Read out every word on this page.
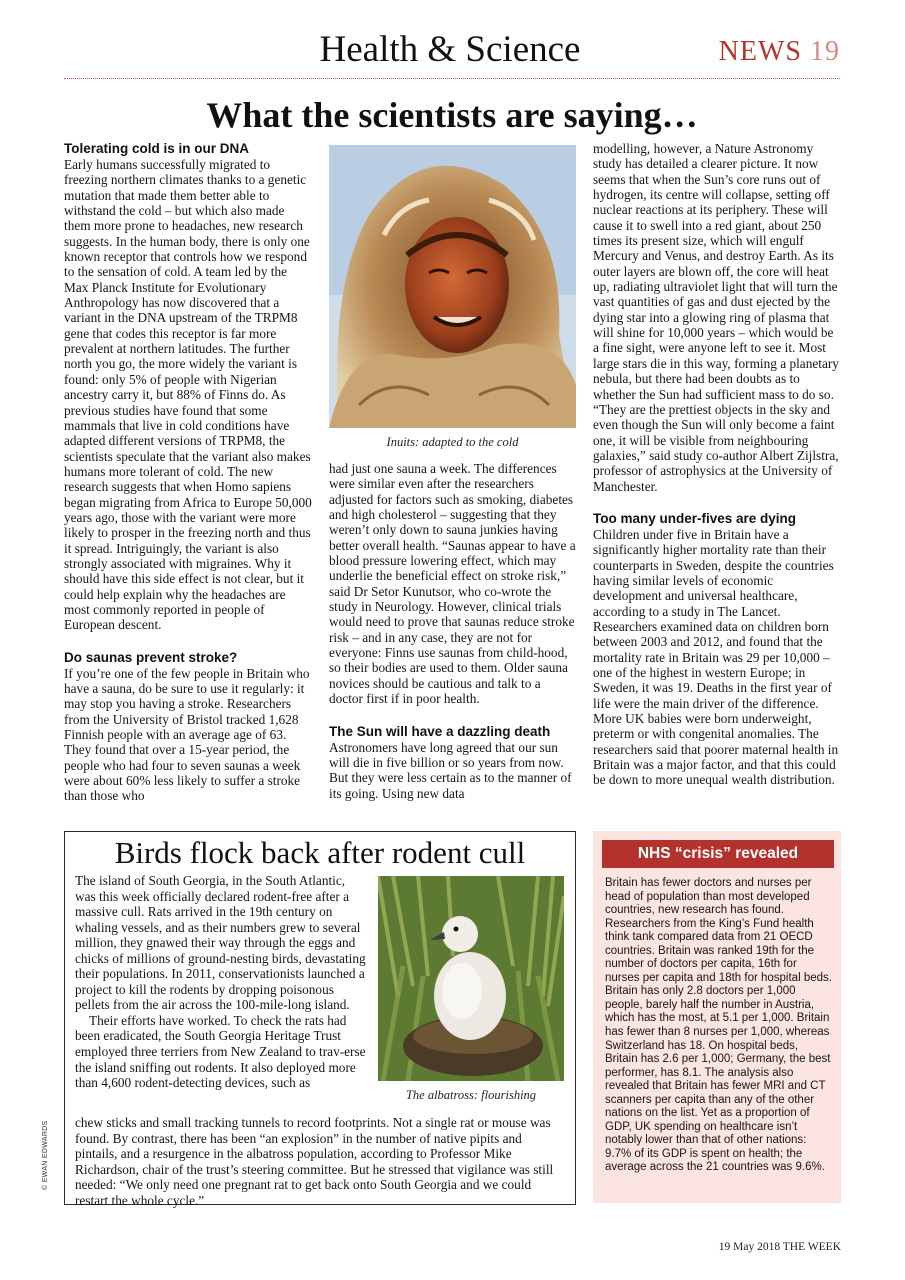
Health & Science	NEWS 19
What the scientists are saying…
Tolerating cold is in our DNA

Early humans successfully migrated to freezing northern climates thanks to a genetic mutation that made them better able to withstand the cold – but which also made them more prone to headaches, new research suggests. In the human body, there is only one known receptor that controls how we respond to the sensation of cold. A team led by the Max Planck Institute for Evolutionary Anthropology has now discovered that a variant in the DNA upstream of the TRPM8 gene that codes this receptor is far more prevalent at northern latitudes. The further north you go, the more widely the variant is found: only 5% of people with Nigerian ancestry carry it, but 88% of Finns do. As previous studies have found that some mammals that live in cold conditions have adapted different versions of TRPM8, the scientists speculate that the variant also makes humans more tolerant of cold. The new research suggests that when Homo sapiens began migrating from Africa to Europe 50,000 years ago, those with the variant were more likely to prosper in the freezing north and thus it spread. Intriguingly, the variant is also strongly associated with migraines. Why it should have this side effect is not clear, but it could help explain why the headaches are most commonly reported in people of European descent.

Do saunas prevent stroke?

If you’re one of the few people in Britain who have a sauna, do be sure to use it regularly: it may stop you having a stroke. Researchers from the University of Bristol tracked 1,628 Finnish people with an average age of 63. They found that over a 15-year period, the people who had four to seven saunas a week were about 60% less likely to suffer a stroke than those who

Inuits: adapted to the cold

had just one sauna a week. The differences were similar even after the researchers adjusted for factors such as smoking, diabetes and high cholesterol – suggesting that they weren’t only down to sauna junkies having better overall health. “Saunas appear to have a blood pressure lowering effect, which may underlie the beneficial effect on stroke risk,” said Dr Setor Kunutsor, who co-wrote the study in Neurology. However, clinical trials would need to prove that saunas reduce stroke risk – and in any case, they are not for everyone: Finns use saunas from child-hood, so their bodies are used to them. Older sauna novices should be cautious and talk to a doctor first if in poor health.

The Sun will have a dazzling death

Astronomers have long agreed that our sun will die in five billion or so years from now. But they were less certain as to the manner of its going. Using new data

modelling, however, a Nature Astronomy study has detailed a clearer picture. It now seems that when the Sun’s core runs out of hydrogen, its centre will collapse, setting off nuclear reactions at its periphery. These will cause it to swell into a red giant, about 250 times its present size, which will engulf Mercury and Venus, and destroy Earth. As its outer layers are blown off, the core will heat up, radiating ultraviolet light that will turn the vast quantities of gas and dust ejected by the dying star into a glowing ring of plasma that will shine for 10,000 years – which would be a fine sight, were anyone left to see it. Most large stars die in this way, forming a planetary nebula, but there had been doubts as to whether the Sun had sufficient mass to do so. “They are the prettiest objects in the sky and even though the Sun will only become a faint one, it will be visible from neighbouring galaxies,” said study co-author Albert Zijlstra, professor of astrophysics at the University of Manchester.

Too many under-fives are dying

Children under five in Britain have a significantly higher mortality rate than their counterparts in Sweden, despite the countries having similar levels of economic development and universal healthcare, according to a study in The Lancet. Researchers examined data on children born between 2003 and 2012, and found that the mortality rate in Britain was 29 per 10,000 – one of the highest in western Europe; in Sweden, it was 19. Deaths in the first year of life were the main driver of the difference. More UK babies were born underweight, preterm or with congenital anomalies. The researchers said that poorer maternal health in Britain was a major factor, and that this could be down to more unequal wealth distribution.

Birds flock back after rodent cull
The albatross: flourishing

The island of South Georgia, in the South Atlantic, was this week officially declared rodent-free after a massive cull. Rats arrived in the 19th century on whaling vessels, and as their numbers grew to several million, they gnawed their way through the eggs and chicks of millions of ground-nesting birds, devastating their populations. In 2011, conservationists launched a project to kill the rodents by dropping poisonous pellets from the air across the 100-mile-long island.

Their efforts have worked. To check the rats had been eradicated, the South Georgia Heritage Trust employed three terriers from New Zealand to trav-erse the island sniffing out rodents. It also deployed more than 4,600 rodent-detecting devices, such as

chew sticks and small tracking tunnels to record footprints. Not a single rat or mouse was found. By contrast, there has been “an explosion” in the number of native pipits and pintails, and a resurgence in the albatross population, according to Professor Mike Richardson, chair of the trust’s steering committee. But he stressed that vigilance was still needed: “We only need one pregnant rat to get back onto South Georgia and we could restart the whole cycle.”

NHS “crisis” revealed

Britain has fewer doctors and nurses per head of population than most developed countries, new research has found. Researchers from the King’s Fund health think tank compared data from 21 OECD countries. Britain was ranked 19th for the number of doctors per capita, 16th for nurses per capita and 18th for hospital beds. Britain has only 2.8 doctors per 1,000 people, barely half the number in Austria, which has the most, at 5.1 per 1,000. Britain has fewer than 8 nurses per 1,000, whereas Switzerland has 18. On hospital beds, Britain has 2.6 per 1,000; Germany, the best performer, has 8.1. The analysis also revealed that Britain has fewer MRI and CT scanners per capita than any of the other nations on the list. Yet as a proportion of GDP, UK spending on healthcare isn’t notably lower than that of other nations: 9.7% of its GDP is spent on health; the average across the 21 countries was 9.6%.

© EWAN EDWARDS
19 May 2018 THE WEEK
